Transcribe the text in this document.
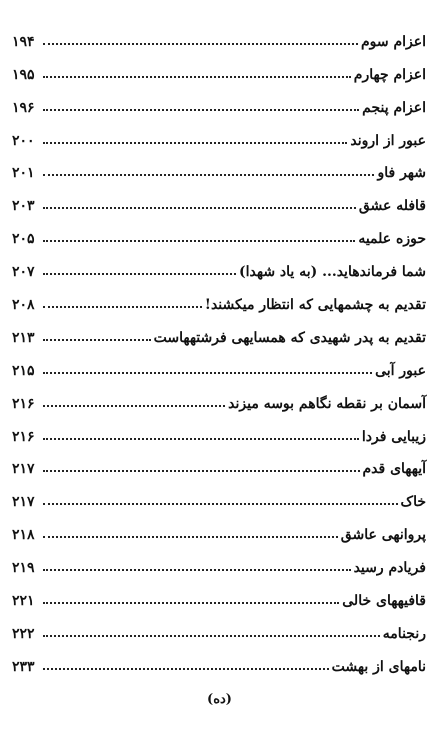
اعزام سوم
۱۹۴
اعزام چهارم
۱۹۵
اعزام پنجم
۱۹۶
عبور از اروند
۲۰۰
شهر فاو
۲۰۱
قافله عشق
۲۰۳
حوزه علمیه
۲۰۵
شما فرماندهاید... (به یاد شهدا)
۲۰۷
تقدیم به چشمهایی که انتظار میکشند!
۲۰۸
تقدیم به پدر شهیدی که همسایهی فرشتههاست
۲۱۳
عبور آبی
۲۱۵
آسمان بر نقطه نگاهم بوسه میزند
۲۱۶
زیبایی فردا
۲۱۶
آیههای قدم
۲۱۷
خاک
۲۱۷
پروانهی عاشق
۲۱۸
فریادم رسید
۲۱۹
قافیههای خالی
۲۲۱
رنجنامه
۲۲۲
نامهای از بهشت
۲۳۳
(ده)
